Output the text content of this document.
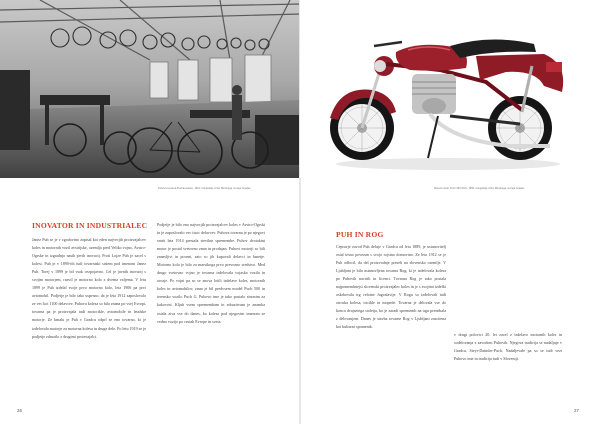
Puhova tovarna Pucharvaerke, 1901; fotografija: Arhiv Mestnega muzeja Gradec
INOVATOR IN INDUSTRIALEC

Janez Puh se je v zgodovino zapisal kot eden najvecjih proizvajalcev koles in motornih vozil avstrijske, ozemlja pred Veliko vojno, Avstro-Ogrske in izgradnjo nasih prvih inovacij. Proti Lojze Puh je zacel s kolesi. Puh je v 1890-tih tudi tovarniski sistem pod imenom Janez Puh. Torej v 1899 je bil vsak cezpojavno. Cel je javnih inovacij s svojim motorjem, razvil je motorno kolo z dvema valjema. V letu 1899 je Puh izdelal svoje prvo motorno kolo, leta 1906 pa prvi avtomobil. Podjetje je bilo tako uspesno, da je leta 1912 zaposlovalo ze vec kot 1100 delavcev. Puhova kolesa so bila znana po vsej Evropi, tovarna pa je proizvajala tudi motocikle, avtomobile in letalske motorje. Ze kmalu je Puh v Gradcu odprl se eno tovarno, ki je izdelovala motorje za motorna kolesa in druge dele. Po letu 1919 se je podjetje zdruzilo z drugimi proizvajalci.

Podjetje je bilo eno najvecjih proizvajalcev koles v Avstro-Ogrski in je zaposlovalo vec tisoc delavcev. Puhova tovarna je po njegovi smrti leta 1914 prestala stevilne spremembe. Puhov dvotaktni motor je postal svetovno znan in prodajan. Puhovi motorji so bili zanesljivi in poceni, zato so jih kupovali delavci in kmetje. Motorno kolo je bilo za marsikoga prvo prevozno sredstvo. Med drugo svetovno vojno je tovarna izdelovala vojaska vozila in orozje. Po vojni pa so se znova lotili izdelave koles, motornih koles in avtomobilov, znan je bil predvsem model Puch 500 in terensko vozilo Puch G. Puhovo ime je tako postalo sinonim za kakovost. Kljub vsem spremembam in zdruzitvam je znamka ostala ziva vse do danes, ko kolesa pod njegovim imenom se vedno vozijo po cestah Evrope in sveta.

26
Motorno kolo Puch 250 SGS, 1950; fotografija: Arhiv Mestnega muzeja Gradec
PUH IN ROG

Cepravje zavod Puh deluje v Gradcu od leta 1889, je ustanovitelj ostal tesno povezan s svojo rojstno domovino. Ze leta 1912 se je Puh odlocil, da del proizvodnje preseli na slovensko ozemlje. V Ljubljani je bila ustanovljena tovarna Rog, ki je izdelovala kolesa po Puhovih nacrtih in licenci. Tovarna Rog je tako postala najpomembnejsi slovenski proizvajalec koles in je s svojimi izdelki oskrbovala trg celotne Jugoslavije. V Rogu so izdelovali tudi otroska kolesa, tricikle in mopede. Tovarna je delovala vse do konca dvajsetega stoletja, ko je zaradi sprememb na trgu prenehala z delovanjem. Danes je stavba tovarne Rog v Ljubljani zascitena kot kulturni spomenik.

v drugi polovici 20. let zacel z izdelavo motornih koles in sodelovanja z zavodom Puhovih. Njegova tradicija se nadaljuje v Gradcu, Steyr-Daimler-Puch. Nadaljevale pa so se tudi vezi Puhovo ime in tradicija tudi v Sloveniji.

27
